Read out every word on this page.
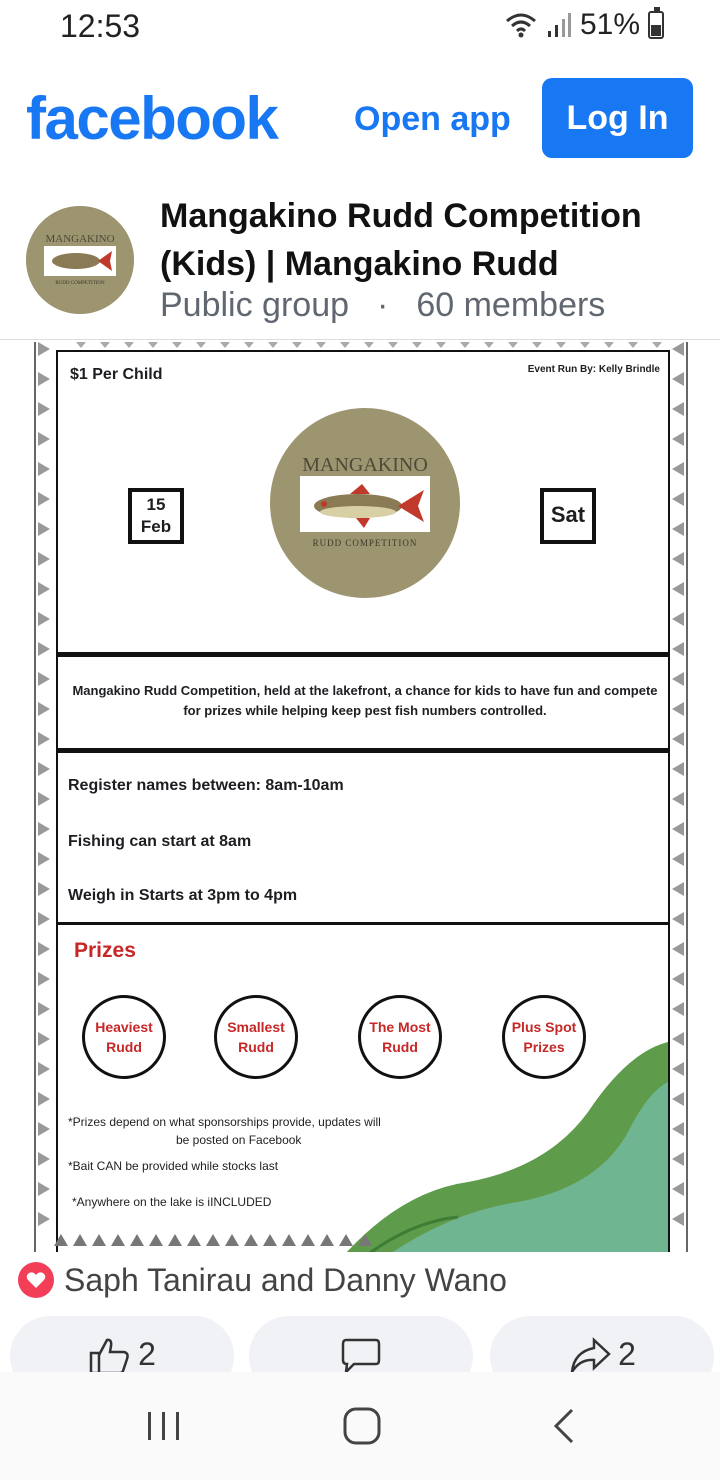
12:53	51%
facebook Open app	Log In
MANGAKINO
RUDD COMPETITION
Mangakino Rudd Competition (Kids) | Mangakino Rudd
Public group · 60 members
$1 Per Child	Event Run By: Kelly Brindle
15
Feb
MANGAKINO
RUDD COMPETITION
Sat
Mangakino Rudd Competition, held at the lakefront, a chance for kids to have fun and compete for prizes while helping keep pest fish numbers controlled.
Register names between: 8am-10am
Fishing can start at 8am
Weigh in Starts at 3pm to 4pm
Prizes
Heaviest Rudd
Smallest Rudd
The Most Rudd
Plus Spot Prizes
*Prizes depend on what sponsorships provide, updates will
be posted on Facebook
*Bait CAN be provided while stocks last
*Anywhere on the lake is iINCLUDED
Saph Tanirau and Danny Wano
2	2
